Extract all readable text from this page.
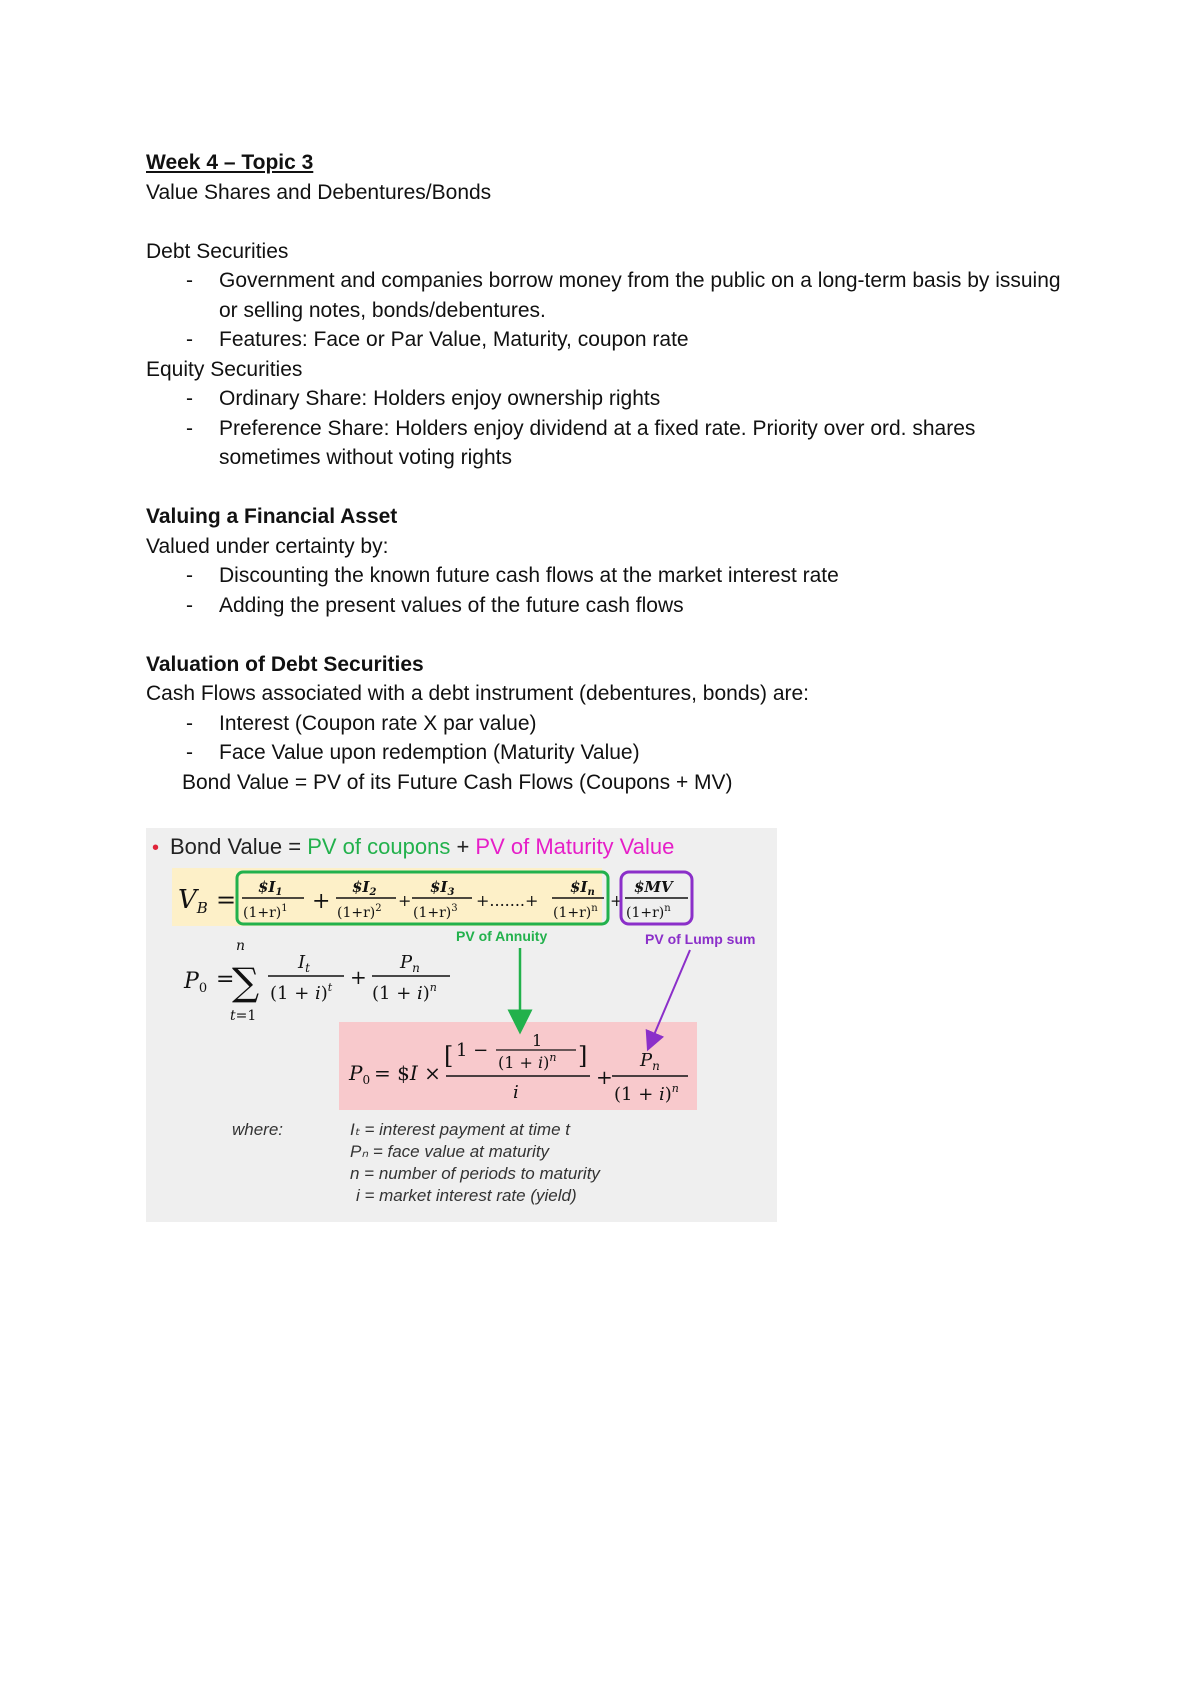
Week 4 – Topic 3
Value Shares and Debentures/Bonds
Debt Securities
- Government and companies borrow money from the public on a long-term basis by issuing or selling notes, bonds/debentures.
- Features: Face or Par Value, Maturity, coupon rate
Equity Securities
- Ordinary Share: Holders enjoy ownership rights
- Preference Share: Holders enjoy dividend at a fixed rate. Priority over ord. shares sometimes without voting rights
Valuing a Financial Asset
Valued under certainty by:
- Discounting the known future cash flows at the market interest rate
- Adding the present values of the future cash flows
Valuation of Debt Securities
Cash Flows associated with a debt instrument (debentures, bonds) are:
- Interest (Coupon rate X par value)
- Face Value upon redemption (Maturity Value)
Bond Value = PV of its Future Cash Flows (Coupons + MV)
• Bond Value = PV of coupons + PV of Maturity Value
VB = $\$I_1$
$(1+r)^1$ +
$\$I_2$
$(1+r)^2$ +
$\$I_3$
$(1+r)^3$ +.......+
$\$I_n$
$(1+r)^n$ +
$MV
$(1+r)^n$
PV of Annuity	PV of Lump sum
n
P0 =
∑
t=1
$I_t$
$(1 + i)^t$ +
$P_n$
$(1 + i)^n$
$P_0$ = $I ×
[ 1 −	1
$(1 + i)^n$ ]
i
+
$P_n$
$(1 + i)^n$
where:	Iₜ = interest payment at time t
Pₙ = face value at maturity
n = number of periods to maturity
i = market interest rate (yield)
